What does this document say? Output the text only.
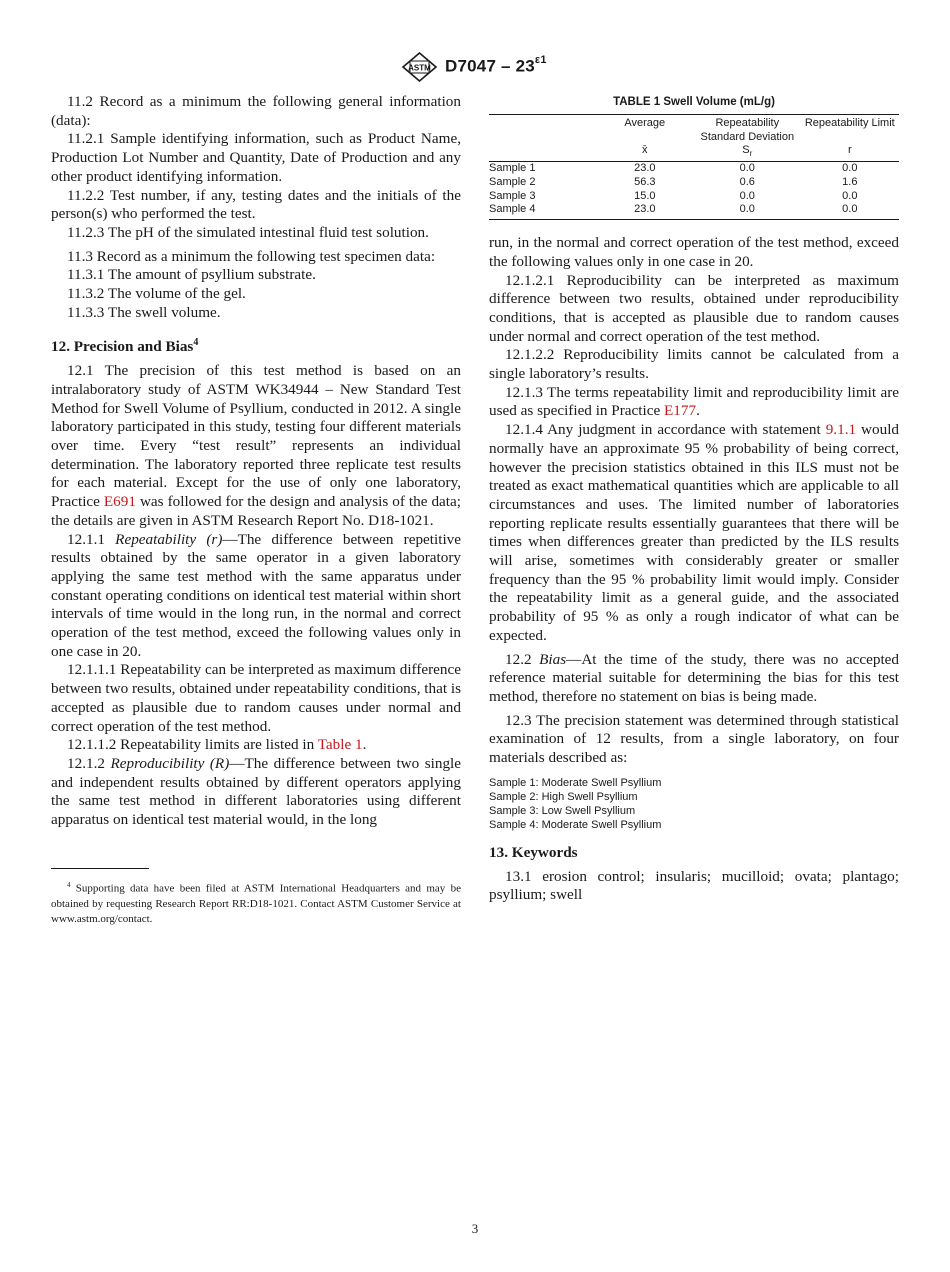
ASTM $D7047 - 23^{\varepsilon 1}$

11.2 Record as a minimum the following general information (data):

11.2.1 Sample identifying information, such as Product Name, Production Lot Number and Quantity, Date of Production and any other product identifying information.

11.2.2 Test number, if any, testing dates and the initials of the person(s) who performed the test.

11.2.3 The pH of the simulated intestinal fluid test solution.

11.3 Record as a minimum the following test specimen data:

11.3.1 The amount of psyllium substrate.

11.3.2 The volume of the gel.

11.3.3 The swell volume.

12. Precision and Bias$^4$

12.1 The precision of this test method is based on an intralaboratory study of ASTM WK34944 – New Standard Test Method for Swell Volume of Psyllium, conducted in 2012. A single laboratory participated in this study, testing four different materials over time. Every “test result” represents an individual determination. The laboratory reported three replicate test results for each material. Except for the use of only one laboratory, Practice E691 was followed for the design and analysis of the data; the details are given in ASTM Research Report No. D18-1021.

12.1.1 Repeatability (r)—The difference between repetitive results obtained by the same operator in a given laboratory applying the same test method with the same apparatus under constant operating conditions on identical test material within short intervals of time would in the long run, in the normal and correct operation of the test method, exceed the following values only in one case in 20.

12.1.1.1 Repeatability can be interpreted as maximum difference between two results, obtained under repeatability conditions, that is accepted as plausible due to random causes under normal and correct operation of the test method.

12.1.1.2 Repeatability limits are listed in Table 1.

12.1.2 Reproducibility (R)—The difference between two single and independent results obtained by different operators applying the same test method in different laboratories using different apparatus on identical test material would, in the long

$^4$ Supporting data have been filed at ASTM International Headquarters and may be obtained by requesting Research Report RR:D18-1021. Contact ASTM Customer Service at www.astm.org/contact.
TABLE 1 Swell Volume (mL/g)
	Average	Repeatability Standard Deviation	Repeatability Limit
	x̄	$S_r$	r
Sample 1	23.0	0.0	0.0
Sample 2	56.3	0.6	1.6
Sample 3	15.0	0.0	0.0
Sample 4	23.0	0.0	0.0

run, in the normal and correct operation of the test method, exceed the following values only in one case in 20.

12.1.2.1 Reproducibility can be interpreted as maximum difference between two results, obtained under reproducibility conditions, that is accepted as plausible due to random causes under normal and correct operation of the test method.

12.1.2.2 Reproducibility limits cannot be calculated from a single laboratory’s results.

12.1.3 The terms repeatability limit and reproducibility limit are used as specified in Practice E177.

12.1.4 Any judgment in accordance with statement 9.1.1 would normally have an approximate 95 % probability of being correct, however the precision statistics obtained in this ILS must not be treated as exact mathematical quantities which are applicable to all circumstances and uses. The limited number of laboratories reporting replicate results essentially guarantees that there will be times when differences greater than predicted by the ILS results will arise, sometimes with considerably greater or smaller frequency than the 95 % probability limit would imply. Consider the repeatability limit as a general guide, and the associated probability of 95 % as only a rough indicator of what can be expected.

12.2 Bias—At the time of the study, there was no accepted reference material suitable for determining the bias for this test method, therefore no statement on bias is being made.

12.3 The precision statement was determined through statistical examination of 12 results, from a single laboratory, on four materials described as:

Sample 1: Moderate Swell Psyllium
Sample 2: High Swell Psyllium
Sample 3: Low Swell Psyllium
Sample 4: Moderate Swell Psyllium
13. Keywords

13.1 erosion control; insularis; mucilloid; ovata; plantago; psyllium; swell

3
